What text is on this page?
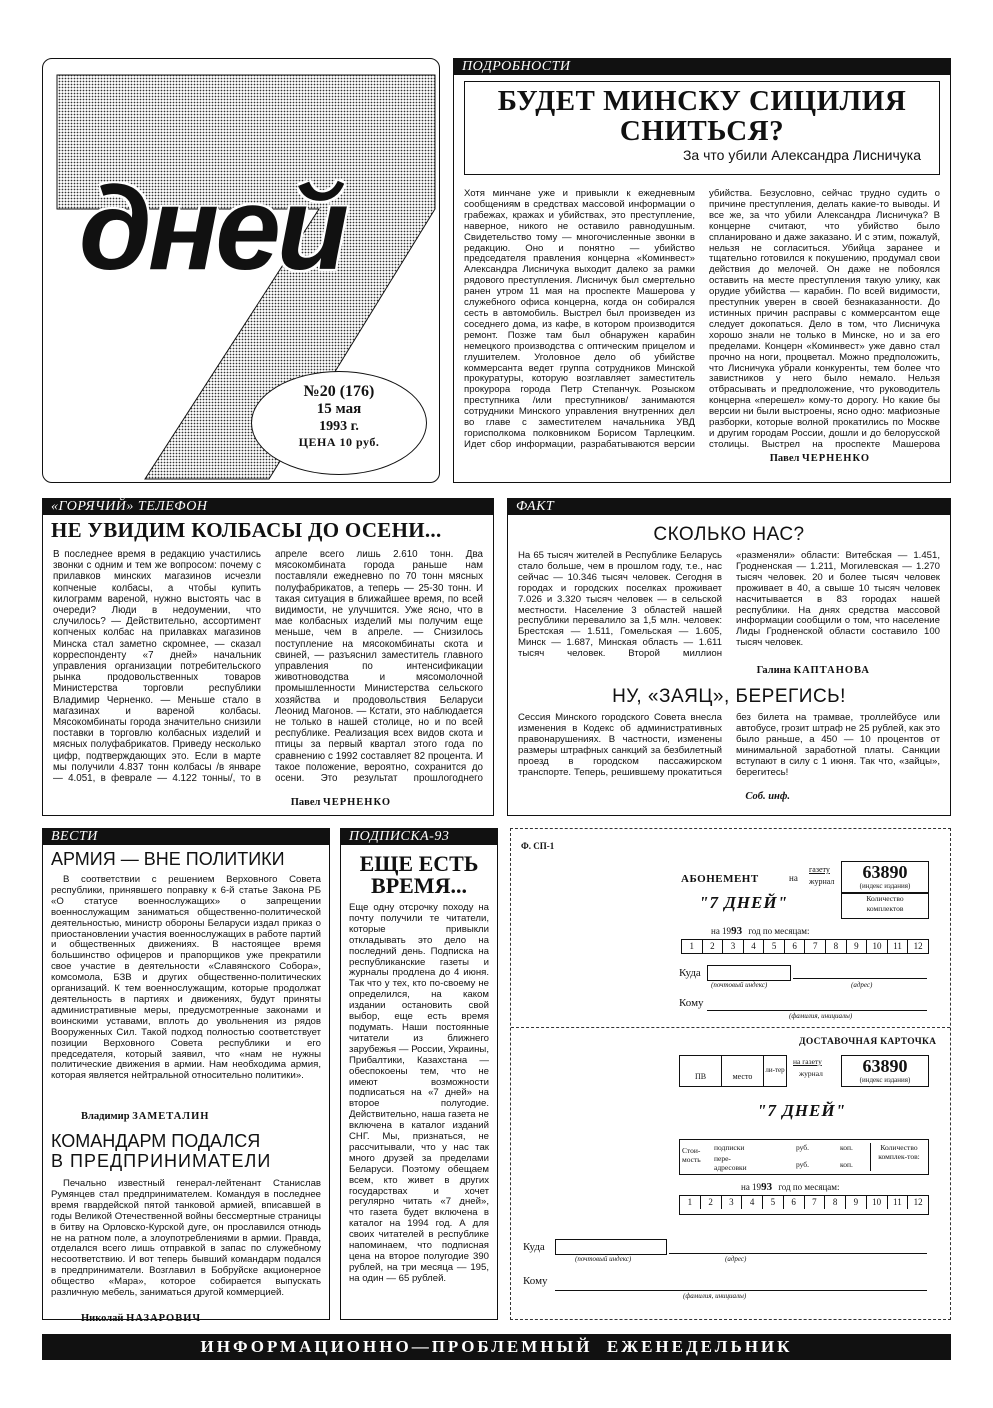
дней
№20 (176)
15 мая
1993 г.
ЦЕНА 10 руб.
ПОДРОБНОСТИ
БУДЕТ МИНСКУ СИЦИЛИЯ
СНИТЬСЯ?
За что убили Александра Лисничука
Хотя минчане уже и привыкли к ежедневным сообщениям в средствах массовой информации о грабежах, кражах и убийствах, это преступление, наверное, никого не оставило равнодушным. Свидетельство тому — многочисленные звонки в редакцию. Оно и понятно — убийство председателя правления концерна «Коминвест» Александра Лисничука выходит далеко за рамки рядового преступления. Лисничук был смертельно ранен утром 11 мая на проспекте Машерова у служебного офиса концерна, когда он собирался сесть в автомобиль. Выстрел был произведен из соседнего дома, из кафе, в котором производится ремонт. Позже там был обнаружен карабин немецкого производства с оптическим прицелом и глушителем. Уголовное дело об убийстве коммерсанта ведет группа сотрудников Минской прокуратуры, которую возглавляет заместитель прокурора города Петр Степанчук. Розыском преступника /или преступников/ занимаются сотрудники Минского управления внутренних дел во главе с заместителем начальника УВД горисполкома полковником Борисом Тарлецким. Идет сбор информации, разрабатываются версии убийства. Безусловно, сейчас трудно судить о причине преступления, делать какие-то выводы. И все же, за что убили Александра Лисничука? В концерне считают, что убийство было спланировано и даже заказано. И с этим, пожалуй, нельзя не согласиться. Убийца заранее и тщательно готовился к покушению, продумал свои действия до мелочей. Он даже не побоялся оставить на месте преступления такую улику, как орудие убийства — карабин. По всей видимости, преступник уверен в своей безнаказанности. До истинных причин расправы с коммерсантом еще следует докопаться. Дело в том, что Лисничука хорошо знали не только в Минске, но и за его пределами. Концерн «Коминвест» уже давно стал прочно на ноги, процветал. Можно предположить, что Лисничука убрали конкуренты, тем более что завистников у него было немало. Нельзя отбрасывать и предположение, что руководитель концерна «перешел» кому-то дорогу. Но какие бы версии ни были выстроены, ясно одно: мафиозные разборки, которые волной прокатились по Москве и другим городам России, дошли и до белорусской столицы. Выстрел на проспекте Машерова
Павел ЧЕРНЕНКО
«ГОРЯЧИЙ» ТЕЛЕФОН
НЕ УВИДИМ КОЛБАСЫ ДО ОСЕНИ...
В последнее время в редакцию участились звонки с одним и тем же вопросом: почему с прилавков минских магазинов исчезли копченые колбасы, а чтобы купить килограмм вареной, нужно выстоять час в очереди? Люди в недоумении, что случилось? — Действительно, ассортимент копченых колбас на прилавках магазинов Минска стал заметно скромнее, — сказал корреспонденту «7 дней» начальник управления организации потребительского рынка продовольственных товаров Министерства торговли республики Владимир Черненко. — Меньше стало в магазинах и вареной колбасы. Мясокомбинаты города значительно снизили поставки в торговлю колбасных изделий и мясных полуфабрикатов. Приведу несколько цифр, подтверждающих это. Если в марте мы получили 4.837 тонн колбасы /в январе — 4.051, в феврале — 4.122 тонны/, то в апреле всего лишь 2.610 тонн. Два мясокомбината города раньше нам поставляли ежедневно по 70 тонн мясных полуфабрикатов, а теперь — 25-30 тонн. И такая ситуация в ближайшее время, по всей видимости, не улучшится. Уже ясно, что в мае колбасных изделий мы получим еще меньше, чем в апреле. — Снизилось поступление на мясокомбинаты скота и свиней, — разъяснил заместитель главного управления по интенсификации животноводства и мясомолочной промышленности Министерства сельского хозяйства и продовольствия Беларуси Леонид Магонов. — Кстати, это наблюдается не только в нашей столице, но и по всей республике. Реализация всех видов скота и птицы за первый квартал этого года по сравнению с 1992 составляет 82 процента. И такое положение, вероятно, сохранится до осени. Это результат прошлогоднего
Павел ЧЕРНЕНКО
ФАКТ
СКОЛЬКО НАС?
На 65 тысяч жителей в Республике Беларусь стало больше, чем в прошлом году, т.е., нас сейчас — 10.346 тысяч человек. Сегодня в городах и городских поселках проживает 7.026 и 3.320 тысяч человек — в сельской местности. Население 3 областей нашей республики перевалило за 1,5 млн. человек: Брестская — 1.511, Гомельская — 1.605, Минск — 1.687, Минская область — 1.611 тысяч человек. Второй миллион «разменяли» области: Витебская — 1.451, Гродненская — 1.211, Могилевская — 1.270 тысяч человек. 20 и более тысяч человек проживает в 40, а свыше 10 тысяч человек насчитывается в 83 городах нашей республики. На днях средства массовой информации сообщили о том, что население Лиды Гродненской области составило 100 тысяч человек.
Галина КАПТАНОВА
НУ, «ЗАЯЦ», БЕРЕГИСЬ!
Сессия Минского городского Совета внесла изменения в Кодекс об административных правонарушениях. В частности, изменены размеры штрафных санкций за безбилетный проезд в городском пассажирском транспорте. Теперь, решившему прокатиться без билета на трамвае, троллейбусе или автобусе, грозит штраф не 25 рублей, как это было раньше, а 450 — 10 процентов от минимальной заработной платы. Санкции вступают в силу с 1 июня. Так что, «зайцы», берегитесь!
Соб. инф.
ВЕСТИ
АРМИЯ — ВНЕ ПОЛИТИКИ
В соответствии с решением Верховного Совета республики, принявшего поправку к 6-й статье Закона РБ «О статусе военнослужащих» о запрещении военнослужащим заниматься общественно-политической деятельностью, министр обороны Беларуси издал приказ о приостановлении участия военнослужащих в работе партий и общественных движениях. В настоящее время большинство офицеров и прапорщиков уже прекратили свое участие в деятельности «Славянского Собора», комсомола, БЗВ и других общественно-политических организаций. К тем военнослужащим, которые продолжат деятельность в партиях и движениях, будут приняты административные меры, предусмотренные законами и воинскими уставами, вплоть до увольнения из рядов Вооруженных Сил. Такой подход полностью соответствует позиции Верховного Совета республики и его председателя, который заявил, что «нам не нужны политические движения в армии. Нам необходима армия, которая является нейтральной относительно политики».
Владимир ЗАМЕТАЛИН
КОМАНДАРМ ПОДАЛСЯ
В ПРЕДПРИНИМАТЕЛИ
Печально известный генерал-лейтенант Станислав Румянцев стал предпринимателем. Командуя в последнее время гвардейской пятой танковой армией, вписавшей в годы Великой Отечественной войны бессмертные страницы в битву на Орловско-Курской дуге, он прославился отнюдь не на ратном поле, а злоупотреблениями в армии. Правда, отделался всего лишь отправкой в запас по служебному несоответствию. И вот теперь бывший командарм подался в предприниматели. Возглавил в Бобруйске акционерное общество «Мара», которое собирается выпускать различную мебель, заниматься другой коммерцией.
Николай НАЗАРОВИЧ
ПОДПИСКА-93
ЕЩЕ ЕСТЬ
ВРЕМЯ...
Еще одну отсрочку походу на почту получили те читатели, которые привыкли откладывать это дело на последний день. Подписка на республиканские газеты и журналы продлена до 4 июня. Так что у тех, кто по-своему не определился, на каком издании остановить свой выбор, еще есть время подумать. Наши постоянные читатели из ближнего зарубежья — России, Украины, Прибалтики, Казахстана — обеспокоены тем, что не имеют возможности подписаться на «7 дней» на второе полугодие. Действительно, наша газета не включена в каталог изданий СНГ. Мы, признаться, не рассчитывали, что у нас так много друзей за пределами Беларуси. Поэтому обещаем всем, кто живет в других государствах и хочет регулярно читать «7 дней», что газета будет включена в каталог на 1994 год. А для своих читателей в республике напоминаем, что подписная цена на второе полугодие 390 рублей, на три месяца — 195, на один — 65 рублей.
Ф. СП-1
АБОНЕМЕНТ	на
газету
журнал	63890
(индекс издания)
"7 ДНЕЙ"	Количество
комплектов
на 1993 год по месяцам:
1	2	3	4	5	6	7	8	9	10	11	12
Куда
(почтовый индекс)	(адрес)
Кому
(фамилия, инициалы)
ДОСТАВОЧНАЯ КАРТОЧКА
ПВ	место
ли-тер
на газету
журнал	63890
(индекс издания)
"7 ДНЕЙ"
Стои-мость
подписки
пере-адресовки
руб.	коп.
руб.	коп.
Количество комплек-тов:
на 1993 год по месяцам:
1	2	3	4	5	6	7	8	9	10	11	12
Куда
(почтовый индекс)	(адрес)
Кому
(фамилия, инициалы)
ИНФОРМАЦИОННО—ПРОБЛЕМНЫЙ  ЕЖЕНЕДЕЛЬНИК
